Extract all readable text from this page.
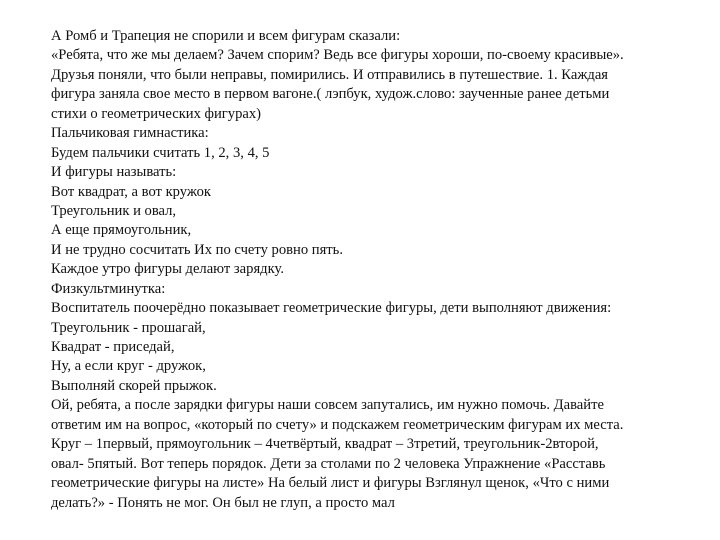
А Ромб и Трапеция не спорили и всем фигурам сказали:
«Ребята, что же мы делаем? Зачем спорим? Ведь все фигуры хороши, по-своему красивые».
Друзья поняли, что были неправы, помирились. И отправились в путешествие. 1. Каждая
фигура заняла свое место в первом вагоне.( лэпбук, худож.слово: заученные ранее детьми
стихи о геометрических фигурах)
Пальчиковая гимнастика:
Будем пальчики считать 1, 2, 3, 4, 5
И фигуры называть:
Вот квадрат, а вот кружок
Треугольник и овал,
А еще прямоугольник,
И не трудно сосчитать Их по счету ровно пять.
Каждое утро фигуры делают зарядку.
Физкультминутка:
Воспитатель поочерёдно показывает геометрические фигуры, дети выполняют движения:
Треугольник - прошагай,
Квадрат - приседай,
Ну, а если круг - дружок,
Выполняй скорей прыжок.
Ой, ребята, а после зарядки фигуры наши совсем запутались, им нужно помочь. Давайте
ответим им на вопрос, «который по счету» и подскажем геометрическим фигурам их места.
Круг – 1первый, прямоугольник – 4четвёртый, квадрат – 3третий, треугольник-2второй,
овал- 5пятый. Вот теперь порядок. Дети за столами по 2 человека Упражнение «Расставь
геометрические фигуры на листе» На белый лист и фигуры Взглянул щенок, «Что с ними
делать?» - Понять не мог. Он был не глуп, а просто мал
